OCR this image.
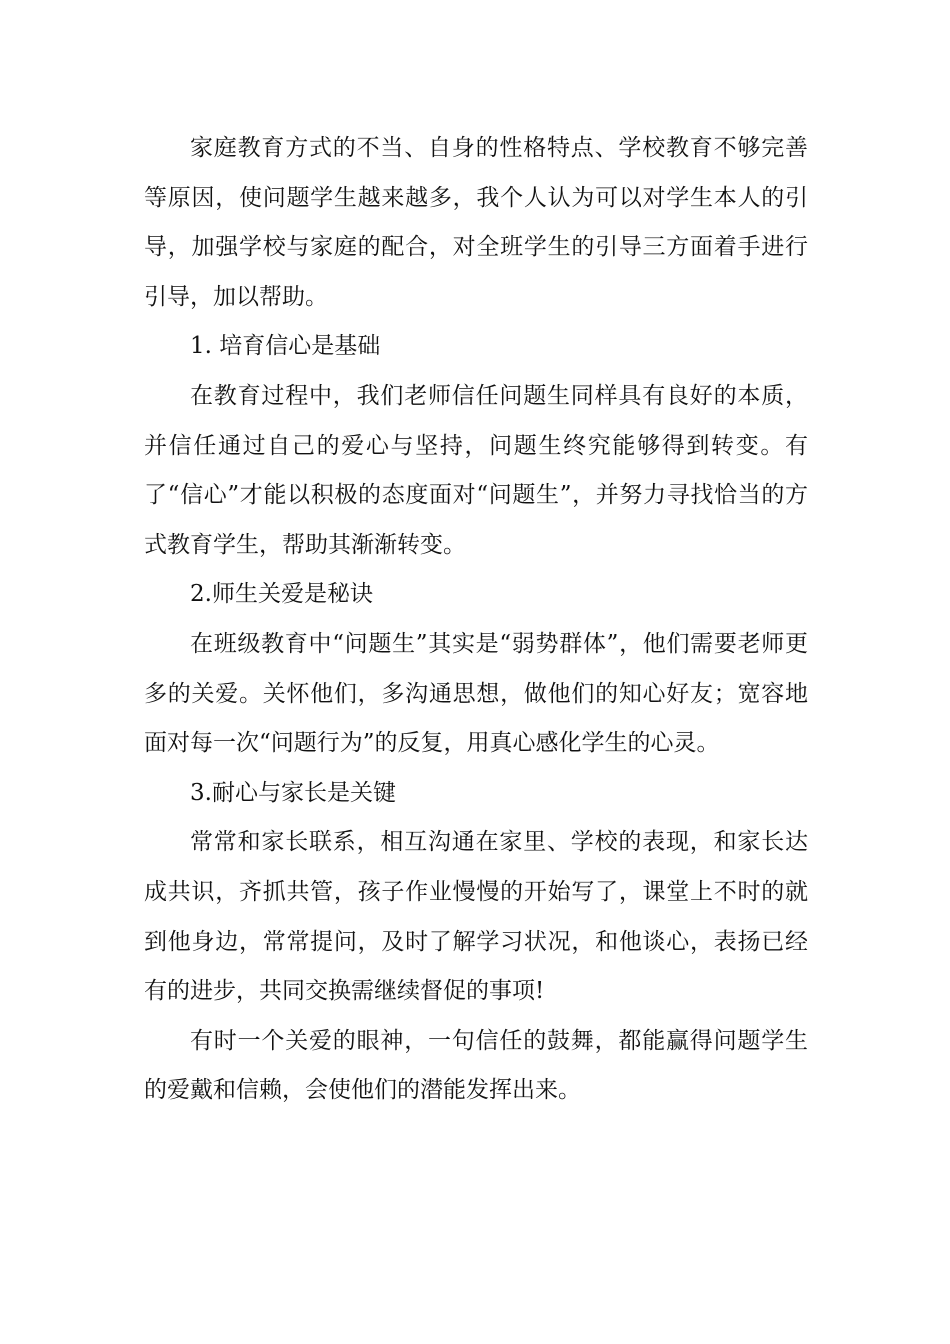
家庭教育方式的不当、自身的性格特点、学校教育不够完善等原因，使问题学生越来越多，我个人认为可以对学生本人的引导，加强学校与家庭的配合，对全班学生的引导三方面着手进行引导，加以帮助。

1. 培育信心是基础

在教育过程中，我们老师信任问题生同样具有良好的本质，并信任通过自己的爱心与坚持，问题生终究能够得到转变。有了“信心”才能以积极的态度面对“问题生”，并努力寻找恰当的方式教育学生，帮助其渐渐转变。

2.师生关爱是秘诀

在班级教育中“问题生”其实是“弱势群体”，他们需要老师更多的关爱。关怀他们，多沟通思想，做他们的知心好友；宽容地面对每一次“问题行为”的反复，用真心感化学生的心灵。

3.耐心与家长是关键

常常和家长联系，相互沟通在家里、学校的表现，和家长达成共识，齐抓共管，孩子作业慢慢的开始写了，课堂上不时的就到他身边，常常提问，及时了解学习状况，和他谈心，表扬已经有的进步，共同交换需继续督促的事项!

有时一个关爱的眼神，一句信任的鼓舞，都能赢得问题学生的爱戴和信赖，会使他们的潜能发挥出来。
